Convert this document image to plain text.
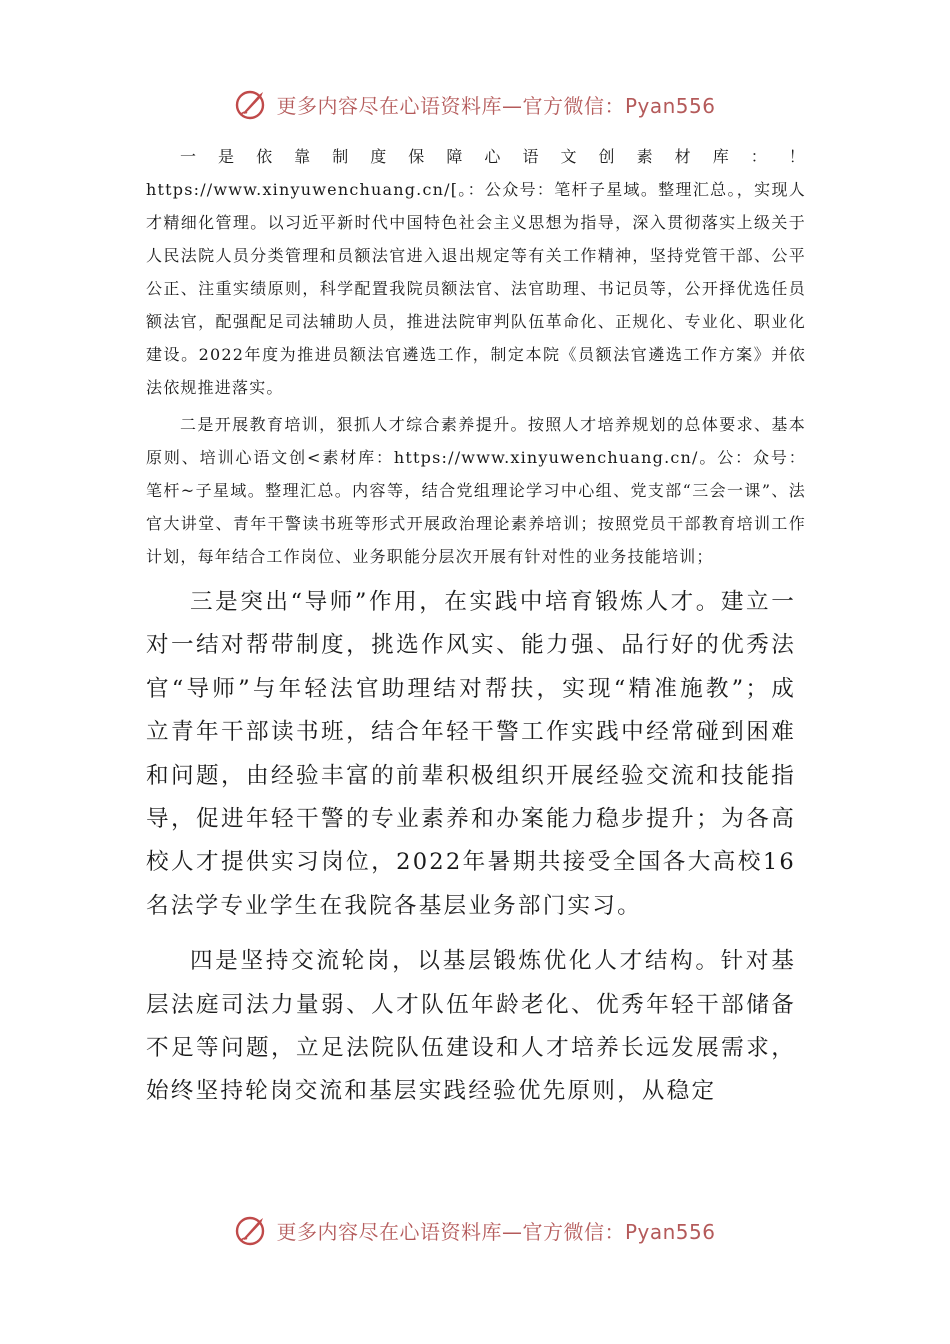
更多内容尽在心语资料库—官方微信：Pyan556

一是依靠制度保障心语文创素材库：！https://www.xinyuwenchuang.cn/[。：公众号：笔杆子星域。整理汇总。，实现人才精细化管理。以习近平新时代中国特色社会主义思想为指导，深入贯彻落实上级关于人民法院人员分类管理和员额法官进入退出规定等有关工作精神，坚持党管干部、公平公正、注重实绩原则，科学配置我院员额法官、法官助理、书记员等，公开择优选任员额法官，配强配足司法辅助人员，推进法院审判队伍革命化、正规化、专业化、职业化建设。2022年度为推进员额法官遴选工作，制定本院《员额法官遴选工作方案》并依法依规推进落实。

二是开展教育培训，狠抓人才综合素养提升。按照人才培养规划的总体要求、基本原则、培训心语文创<素材库：https://www.xinyuwenchuang.cn/。公：众号：笔杆~子星域。整理汇总。内容等，结合党组理论学习中心组、党支部“三会一课”、法官大讲堂、青年干警读书班等形式开展政治理论素养培训；按照党员干部教育培训工作计划，每年结合工作岗位、业务职能分层次开展有针对性的业务技能培训；

三是突出“导师”作用，在实践中培育锻炼人才。建立一对一结对帮带制度，挑选作风实、能力强、品行好的优秀法官“导师”与年轻法官助理结对帮扶，实现“精准施教”；成立青年干部读书班，结合年轻干警工作实践中经常碰到困难和问题，由经验丰富的前辈积极组织开展经验交流和技能指导，促进年轻干警的专业素养和办案能力稳步提升；为各高校人才提供实习岗位，2022年暑期共接受全国各大高校16名法学专业学生在我院各基层业务部门实习。

四是坚持交流轮岗，以基层锻炼优化人才结构。针对基层法庭司法力量弱、人才队伍年龄老化、优秀年轻干部储备不足等问题，立足法院队伍建设和人才培养长远发展需求，始终坚持轮岗交流和基层实践经验优先原则，从稳定

更多内容尽在心语资料库—官方微信：Pyan556
